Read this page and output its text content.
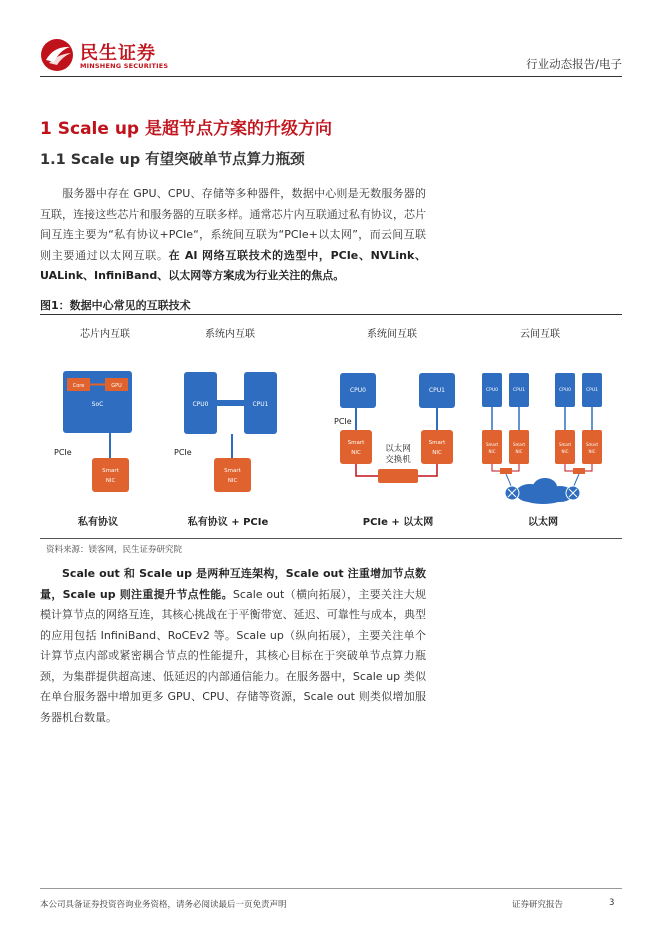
民生证券
MINSHENG SECURITIES	行业动态报告/电子
1 Scale up 是超节点方案的升级方向
1.1 Scale up 有望突破单节点算力瓶颈
服务器中存在 GPU、CPU、存储等多种器件，数据中心则是无数服务器的互联，连接这些芯片和服务器的互联多样。通常芯片内互联通过私有协议，芯片间互连主要为“私有协议+PCIe“，系统间互联为“PCIe+以太网”，而云间互联则主要通过以太网互联。在 AI 网络互联技术的选型中，PCIe、NVLink、UALink、InfiniBand、以太网等方案成为行业关注的焦点。
图1：数据中心常见的互联技术
芯片内互联	系统内互联	系统间互联	云间互联
Core	GPU
SoC
PCIe
Smart
NIC
CPU0	CPU1
PCIe
Smart
NIC
CPU0	CPU1
PCIe
Smart
NIC
Smart
NIC
以太网
交换机
CPU0	CPU1	CPU0	CPU1
Smart
NIC
Smart
NIC
Smart
NIC
Smart
NIC
私有协议	私有协议 + PCIe	PCIe + 以太网	以太网
资料来源：镁客网，民生证券研究院
Scale out 和 Scale up 是两种互连架构，Scale out 注重增加节点数量，Scale up 则注重提升节点性能。Scale out（横向拓展），主要关注大规模计算节点的网络互连，其核心挑战在于平衡带宽、延迟、可靠性与成本，典型的应用包括 InfiniBand、RoCEv2 等。Scale up（纵向拓展），主要关注单个计算节点内部或紧密耦合节点的性能提升，其核心目标在于突破单节点算力瓶颈，为集群提供超高速、低延迟的内部通信能力。在服务器中，Scale up 类似在单台服务器中增加更多 GPU、CPU、存储等资源，Scale out 则类似增加服务器机台数量。
本公司具备证券投资咨询业务资格，请务必阅读最后一页免责声明	证券研究报告	3
